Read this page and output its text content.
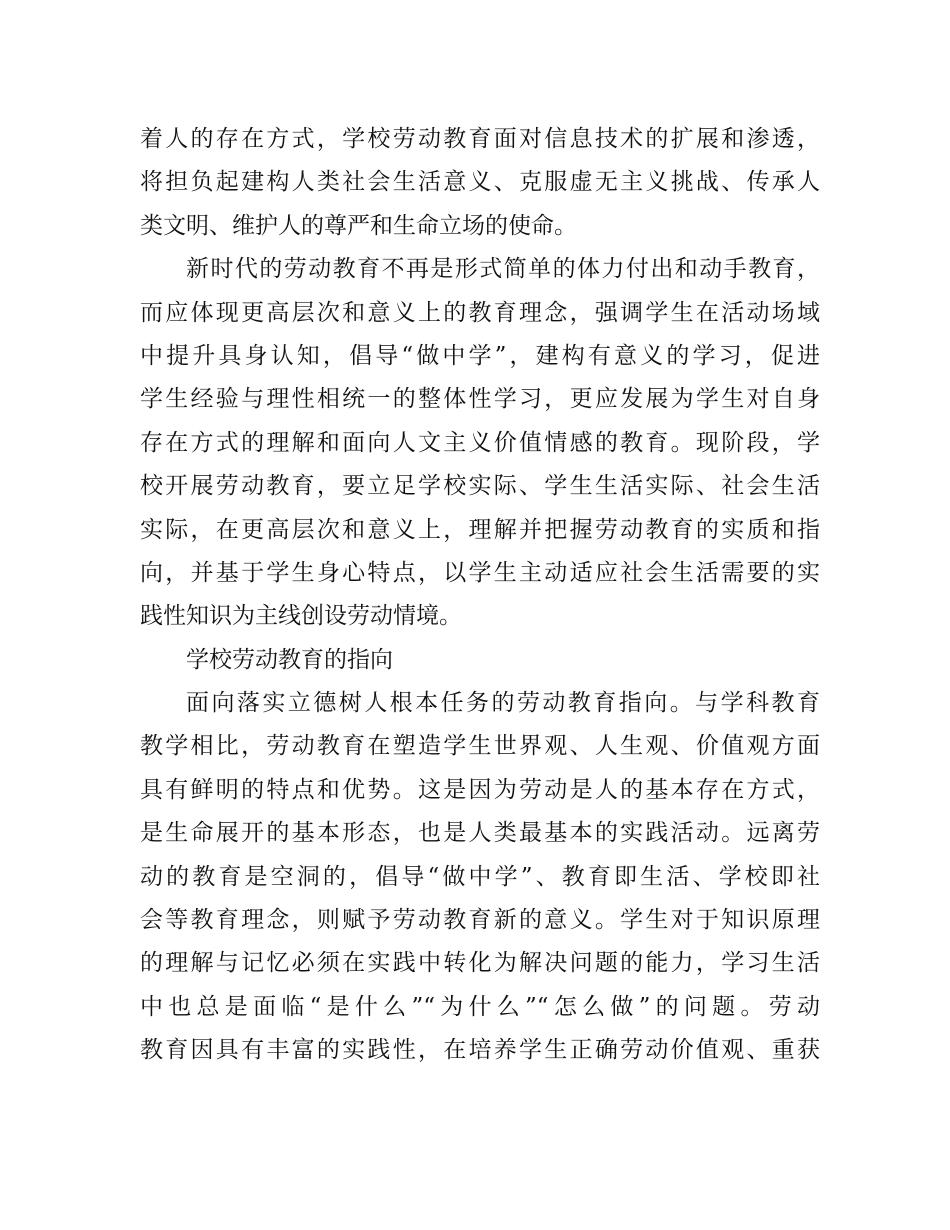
着人的存在方式，学校劳动教育面对信息技术的扩展和渗透，
将担负起建构人类社会生活意义、克服虚无主义挑战、传承人
类文明、维护人的尊严和生命立场的使命。
新时代的劳动教育不再是形式简单的体力付出和动手教育，
而应体现更高层次和意义上的教育理念，强调学生在活动场域
中提升具身认知，倡导“做中学”，建构有意义的学习，促进
学生经验与理性相统一的整体性学习，更应发展为学生对自身
存在方式的理解和面向人文主义价值情感的教育。现阶段，学
校开展劳动教育，要立足学校实际、学生生活实际、社会生活
实际，在更高层次和意义上，理解并把握劳动教育的实质和指
向，并基于学生身心特点，以学生主动适应社会生活需要的实
践性知识为主线创设劳动情境。
学校劳动教育的指向
面向落实立德树人根本任务的劳动教育指向。与学科教育
教学相比，劳动教育在塑造学生世界观、人生观、价值观方面
具有鲜明的特点和优势。这是因为劳动是人的基本存在方式，
是生命展开的基本形态，也是人类最基本的实践活动。远离劳
动的教育是空洞的，倡导“做中学”、教育即生活、学校即社
会等教育理念，则赋予劳动教育新的意义。学生对于知识原理
的理解与记忆必须在实践中转化为解决问题的能力，学习生活
中也总是面临“是什么”“为什么”“怎么做”的问题。劳动
教育因具有丰富的实践性，在培养学生正确劳动价值观、重获
